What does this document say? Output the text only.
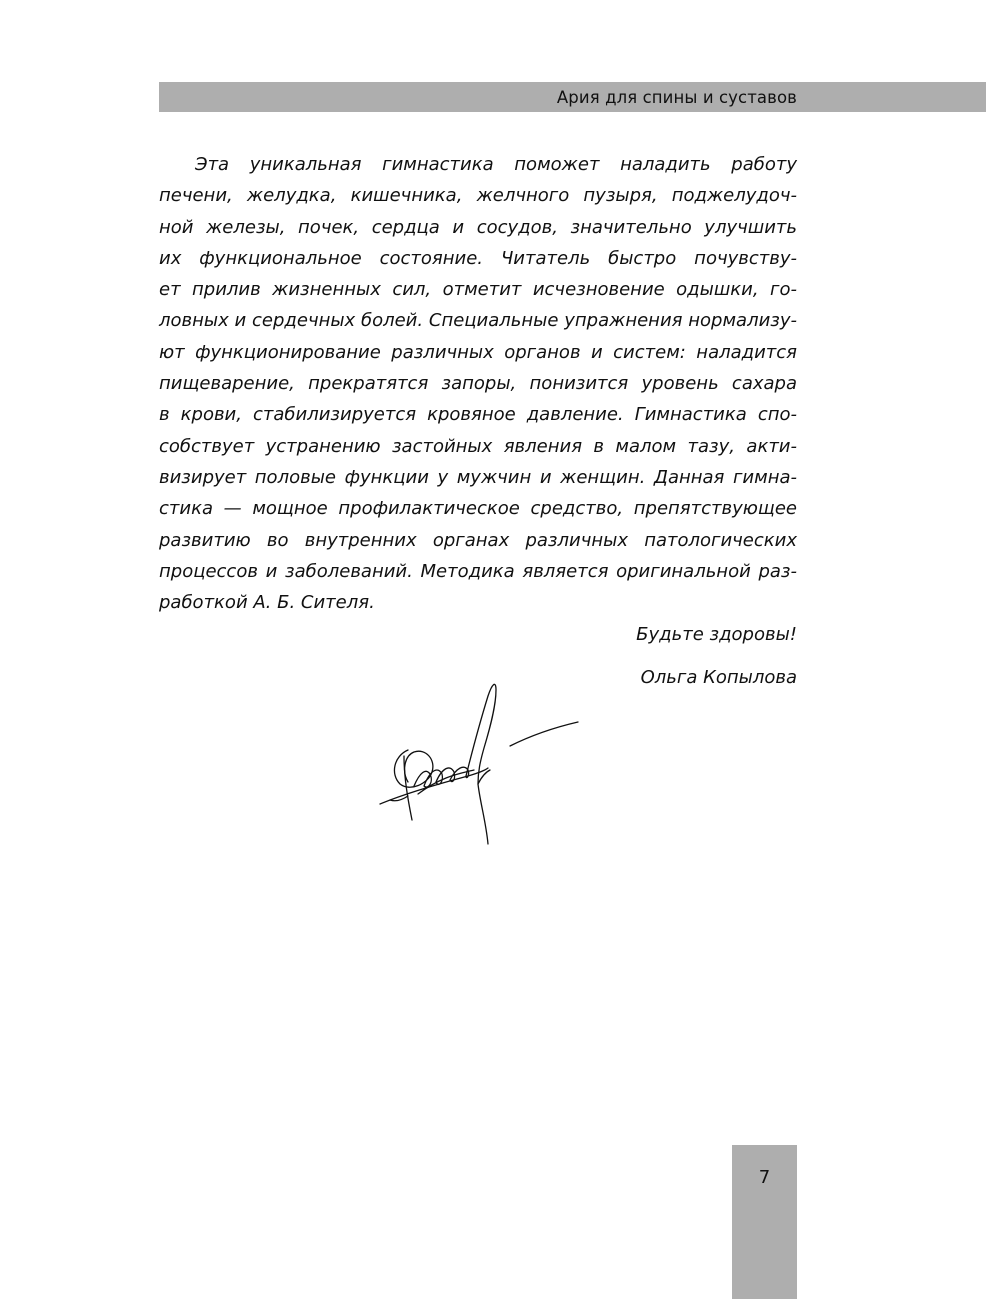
Ария для спины и суставов
Эта уникальная гимнастика поможет наладить работу
печени, желудка, кишечника, желчного пузыря, поджелудоч-
ной железы, почек, сердца и сосудов, значительно улучшить
их функциональное состояние. Читатель быстро почувству-
ет прилив жизненных сил, отметит исчезновение одышки, го-
ловных и сердечных болей. Специальные упражнения нормализу-
ют функционирование различных органов и систем: наладится
пищеварение, прекратятся запоры, понизится уровень сахара
в крови, стабилизируется кровяное давление. Гимнастика спо-
собствует устранению застойных явления в малом тазу, акти-
визирует половые функции у мужчин и женщин. Данная гимна-
стика — мощное профилактическое средство, препятствующее
развитию во внутренних органах различных патологических
процессов и заболеваний. Методика является оригинальной раз-
работкой А. Б. Сителя.
Будьте здоровы!
Ольга Копылова
7
